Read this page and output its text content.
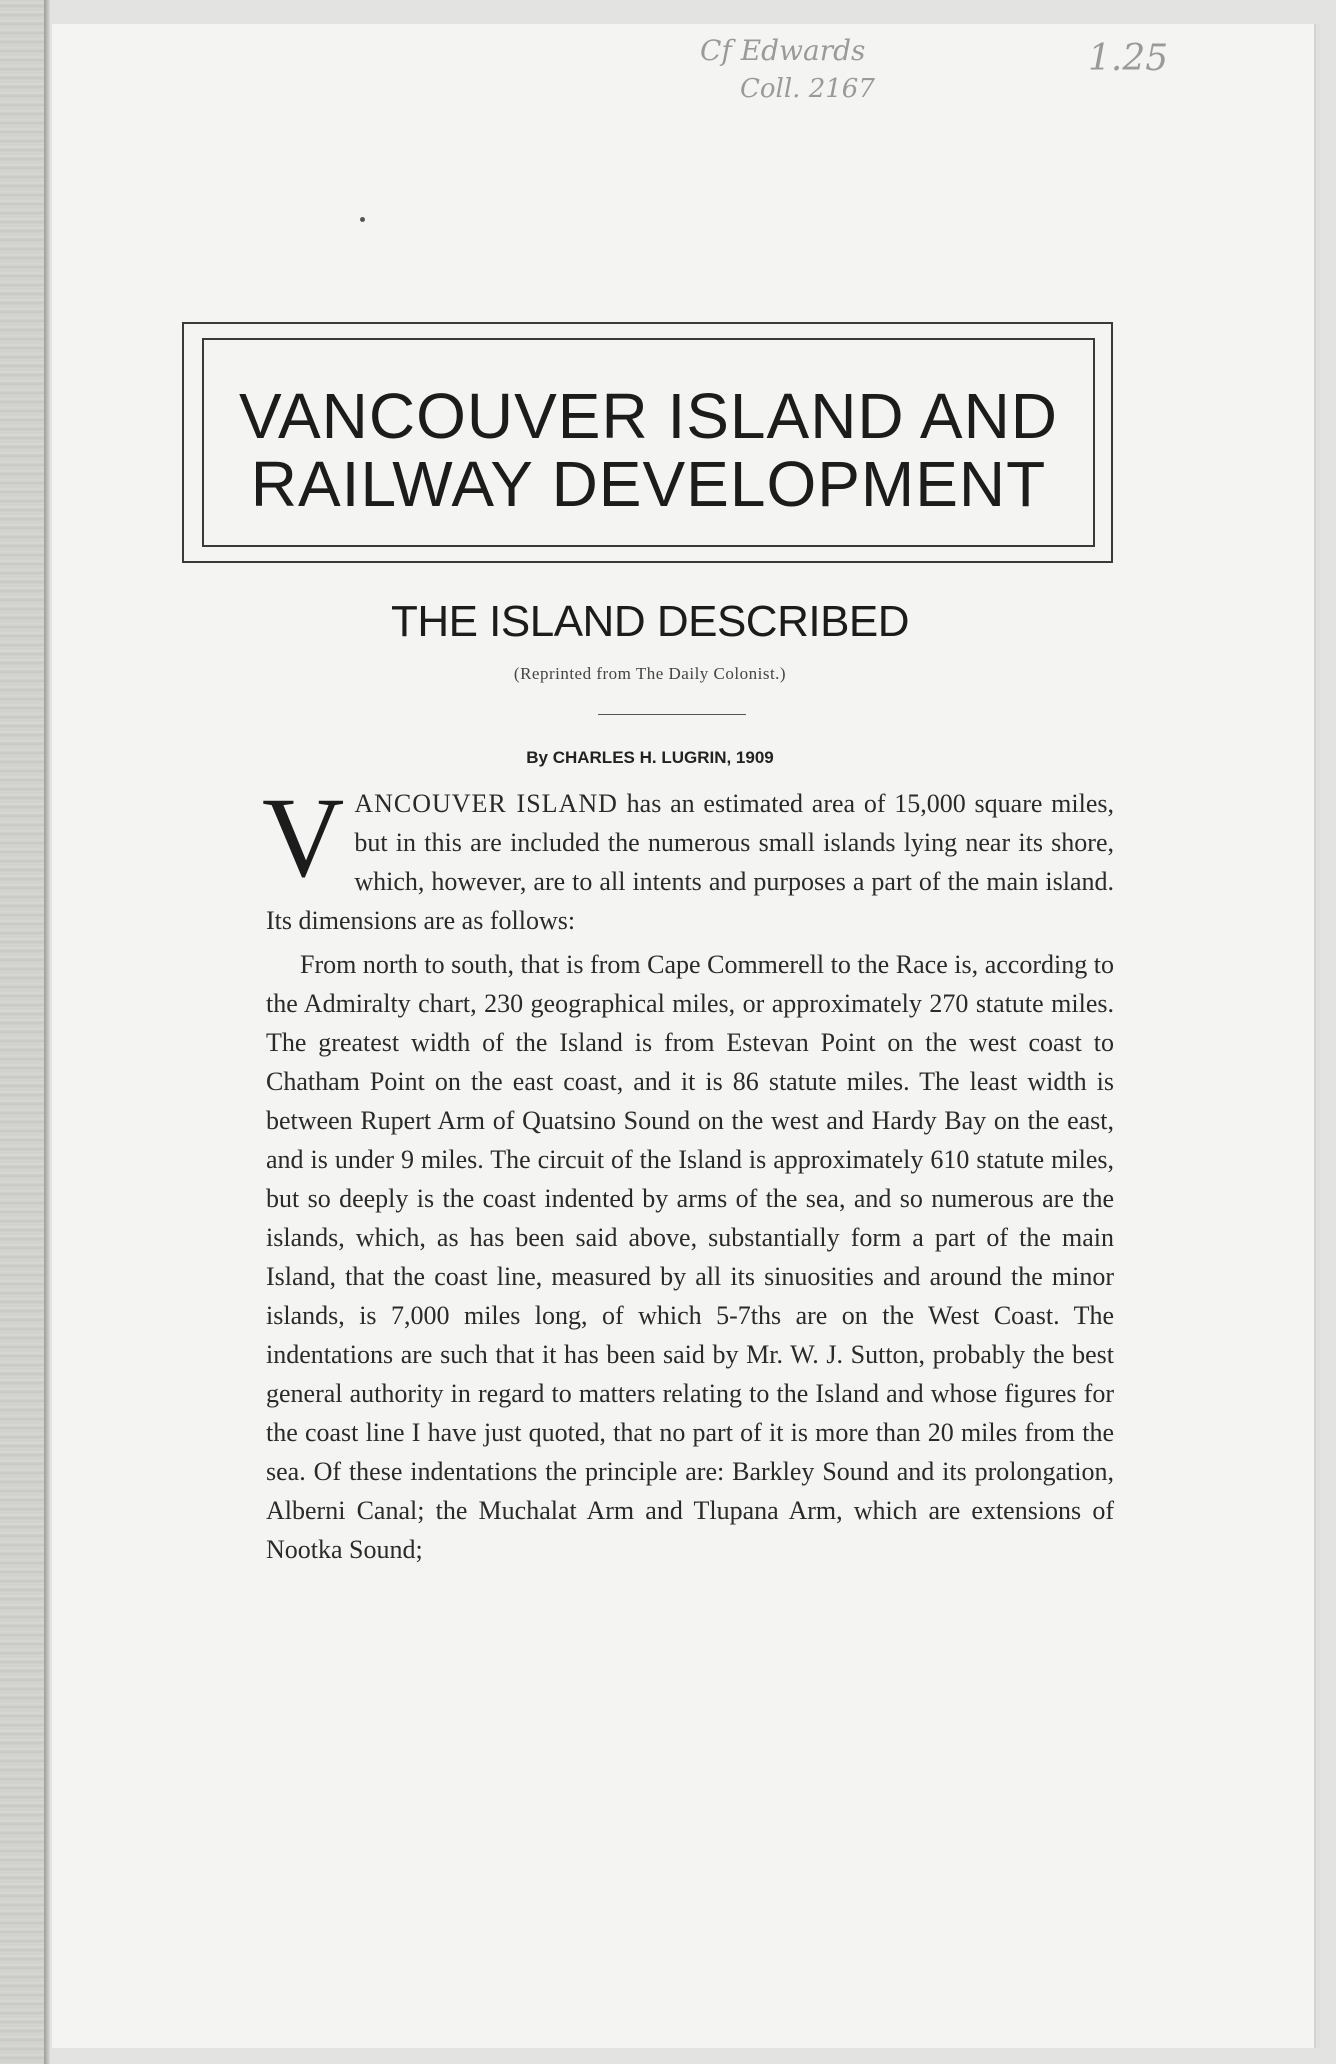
Cf Edwards
Coll. 2167
1.25
VANCOUVER ISLAND AND
RAILWAY DEVELOPMENT
THE ISLAND DESCRIBED
(Reprinted from The Daily Colonist.)
By CHARLES H. LUGRIN, 1909

VANCOUVER ISLAND has an estimated area of 15,000 square miles, but in this are included the numerous small islands lying near its shore, which, however, are to all intents and purposes a part of the main island. Its dimensions are as follows:

From north to south, that is from Cape Commerell to the Race is, according to the Admiralty chart, 230 geographical miles, or approximately 270 statute miles. The greatest width of the Island is from Estevan Point on the west coast to Chatham Point on the east coast, and it is 86 statute miles. The least width is between Rupert Arm of Quatsino Sound on the west and Hardy Bay on the east, and is under 9 miles. The circuit of the Island is approximately 610 statute miles, but so deeply is the coast indented by arms of the sea, and so numerous are the islands, which, as has been said above, substantially form a part of the main Island, that the coast line, measured by all its sinuosities and around the minor islands, is 7,000 miles long, of which 5-7ths are on the West Coast. The indentations are such that it has been said by Mr. W. J. Sutton, probably the best general authority in regard to matters relating to the Island and whose figures for the coast line I have just quoted, that no part of it is more than 20 miles from the sea. Of these indentations the principle are: Barkley Sound and its prolongation, Alberni Canal; the Muchalat Arm and Tlupana Arm, which are extensions of Nootka Sound;
